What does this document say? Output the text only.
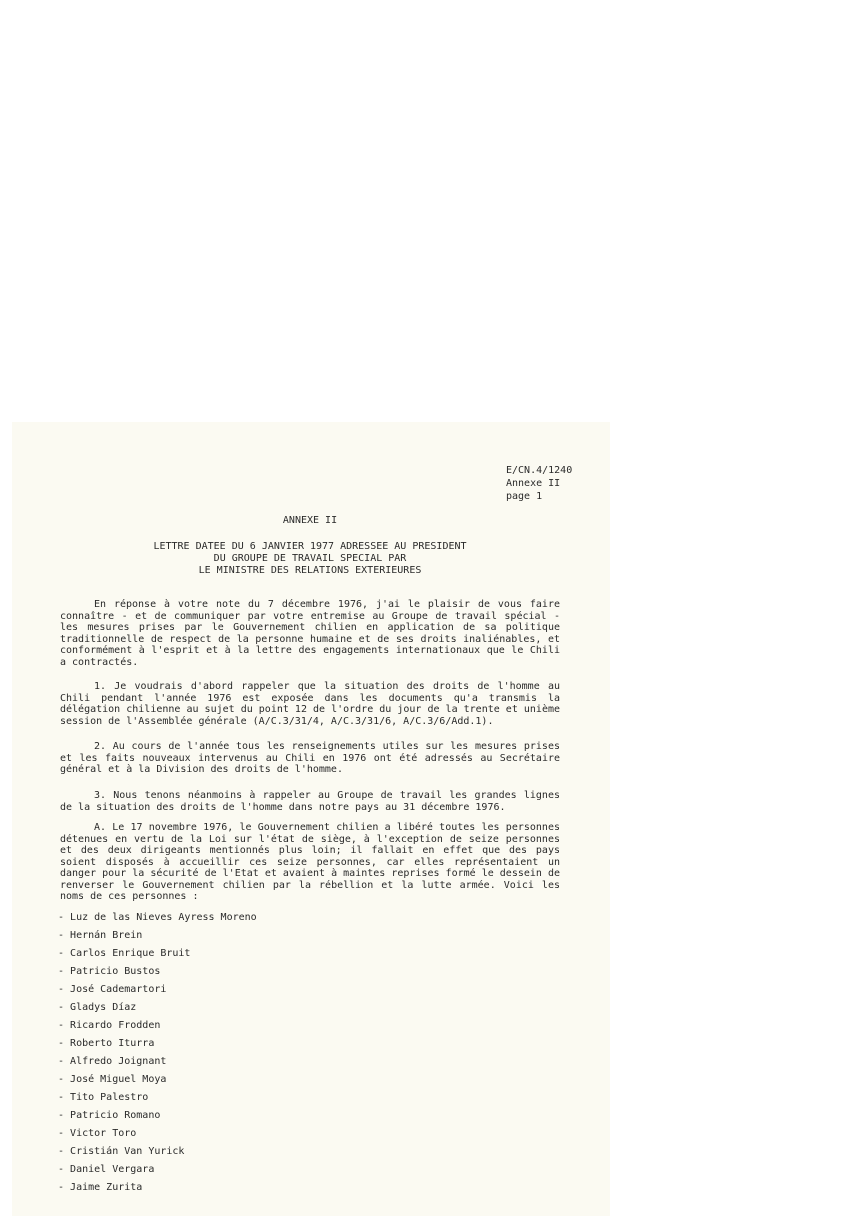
E/CN.4/1240
Annexe II
page 1
ANNEXE II
LETTRE DATEE DU 6 JANVIER 1977 ADRESSEE AU PRESIDENT
DU GROUPE DE TRAVAIL SPECIAL PAR
LE MINISTRE DES RELATIONS EXTERIEURES

En réponse à votre note du 7 décembre 1976, j'ai le plaisir de vous faire connaître - et de communiquer par votre entremise au Groupe de travail spécial - les mesures prises par le Gouvernement chilien en application de sa politique traditionnelle de respect de la personne humaine et de ses droits inaliénables, et conformément à l'esprit et à la lettre des engagements internationaux que le Chili a contractés.

1. Je voudrais d'abord rappeler que la situation des droits de l'homme au Chili pendant l'année 1976 est exposée dans les documents qu'a transmis la délégation chilienne au sujet du point 12 de l'ordre du jour de la trente et unième session de l'Assemblée générale (A/C.3/31/4, A/C.3/31/6, A/C.3/6/Add.1).

2. Au cours de l'année tous les renseignements utiles sur les mesures prises et les faits nouveaux intervenus au Chili en 1976 ont été adressés au Secrétaire général et à la Division des droits de l'homme.

3. Nous tenons néanmoins à rappeler au Groupe de travail les grandes lignes de la situation des droits de l'homme dans notre pays au 31 décembre 1976.

A. Le 17 novembre 1976, le Gouvernement chilien a libéré toutes les personnes détenues en vertu de la Loi sur l'état de siège, à l'exception de seize personnes et des deux dirigeants mentionnés plus loin; il fallait en effet que des pays soient disposés à accueillir ces seize personnes, car elles représentaient un danger pour la sécurité de l'Etat et avaient à maintes reprises formé le dessein de renverser le Gouvernement chilien par la rébellion et la lutte armée. Voici les noms de ces personnes :

- Luz de las Nieves Ayress Moreno
- Hernán Brein
- Carlos Enrique Bruit
- Patricio Bustos
- José Cademartori
- Gladys Díaz
- Ricardo Frodden
- Roberto Iturra
- Alfredo Joignant
- José Miguel Moya
- Tito Palestro
- Patricio Romano
- Victor Toro
- Cristián Van Yurick
- Daniel Vergara
- Jaime Zurita
